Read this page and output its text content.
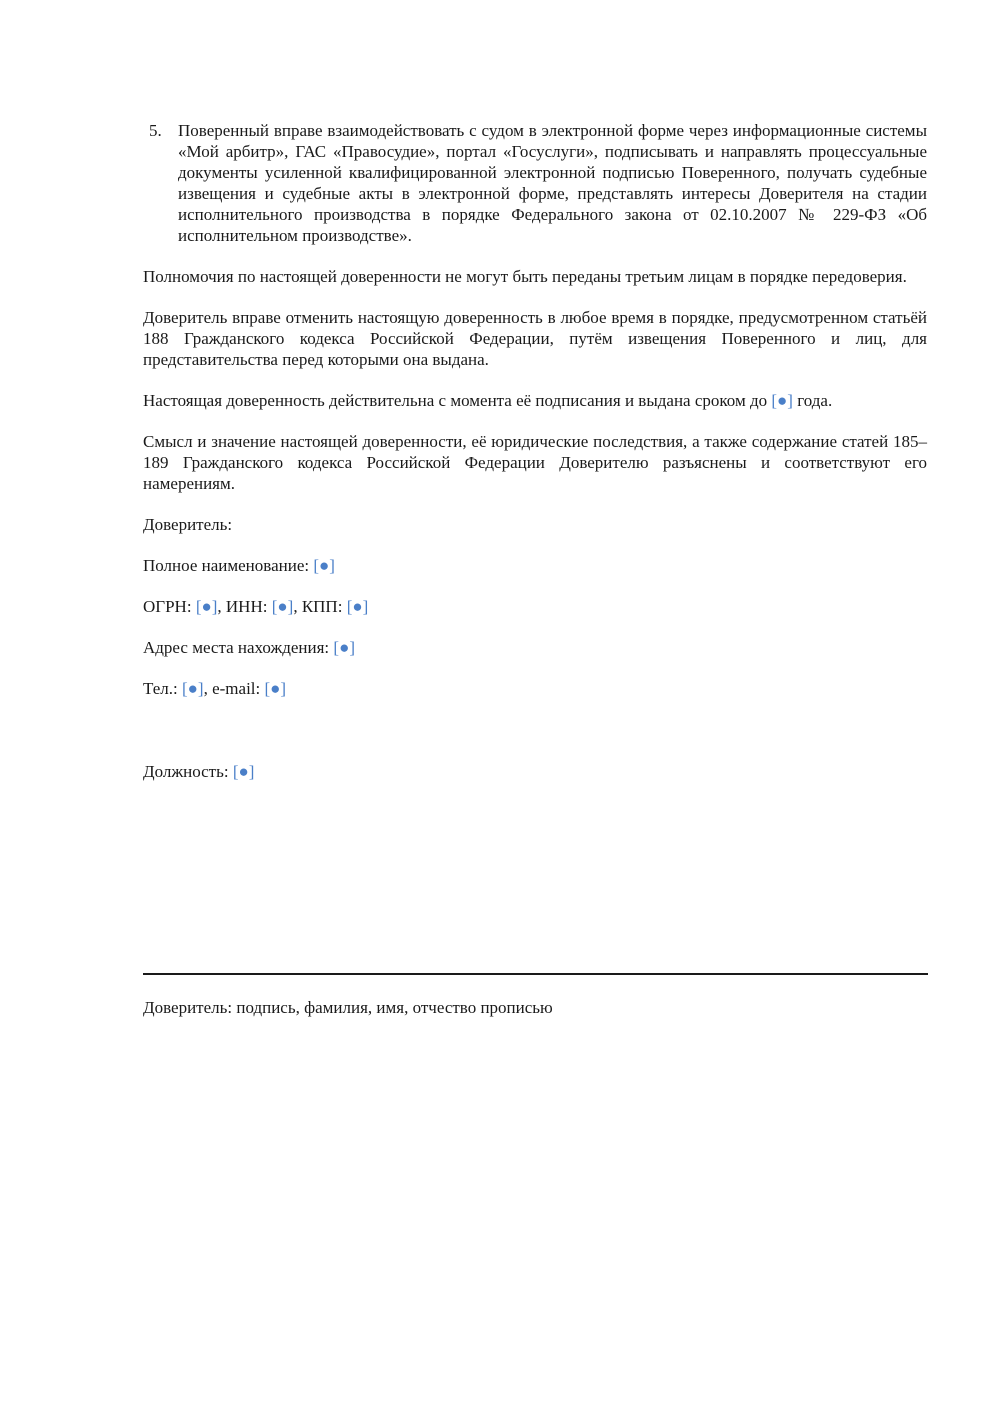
5. Поверенный вправе взаимодействовать с судом в электронной форме через информационные системы «Мой арбитр», ГАС «Правосудие», портал «Госуслуги», подписывать и направлять процессуальные документы усиленной квалифицированной электронной подписью Поверенного, получать судебные извещения и судебные акты в электронной форме, представлять интересы Доверителя на стадии исполнительного производства в порядке Федерального закона от 02.10.2007 № 229-ФЗ «Об исполнительном производстве».

Полномочия по настоящей доверенности не могут быть переданы третьим лицам в порядке передоверия.

Доверитель вправе отменить настоящую доверенность в любое время в порядке, предусмотренном статьёй 188 Гражданского кодекса Российской Федерации, путём извещения Поверенного и лиц, для представительства перед которыми она выдана.

Настоящая доверенность действительна с момента её подписания и выдана сроком до [●] года.

Смысл и значение настоящей доверенности, её юридические последствия, а также содержание статей 185–189 Гражданского кодекса Российской Федерации Доверителю разъяснены и соответствуют его намерениям.

Доверитель:
Полное наименование: [●]
ОГРН: [●], ИНН: [●], КПП: [●]
Адрес места нахождения: [●]
Тел.: [●], e-mail: [●]
Должность: [●]
Доверитель: подпись, фамилия, имя, отчество прописью
